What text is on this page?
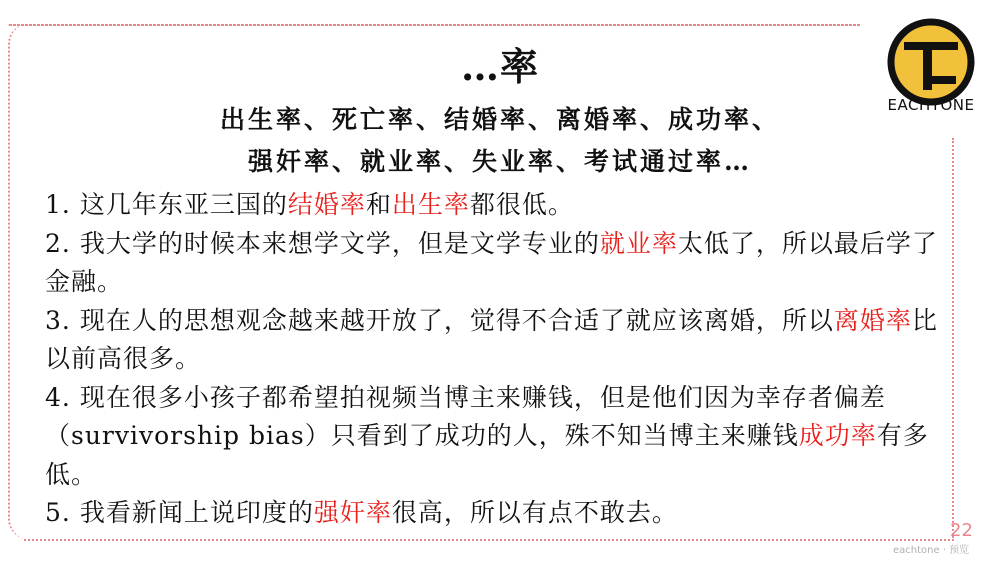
…率
出生率、死亡率、结婚率、离婚率、成功率、
强奸率、就业率、失业率、考试通过率…

1. 这几年东亚三国的结婚率和出生率都很低。

2. 我大学的时候本来想学文学，但是文学专业的就业率太低了，所以最后学了金融。

3. 现在人的思想观念越来越开放了，觉得不合适了就应该离婚，所以离婚率比以前高很多。

4. 现在很多小孩子都希望拍视频当博主来赚钱，但是他们因为幸存者偏差（survivorship bias）只看到了成功的人，殊不知当博主来赚钱成功率有多低。

5. 我看新闻上说印度的强奸率很高，所以有点不敢去。

EACHTONE
22
eachtone · 预览
